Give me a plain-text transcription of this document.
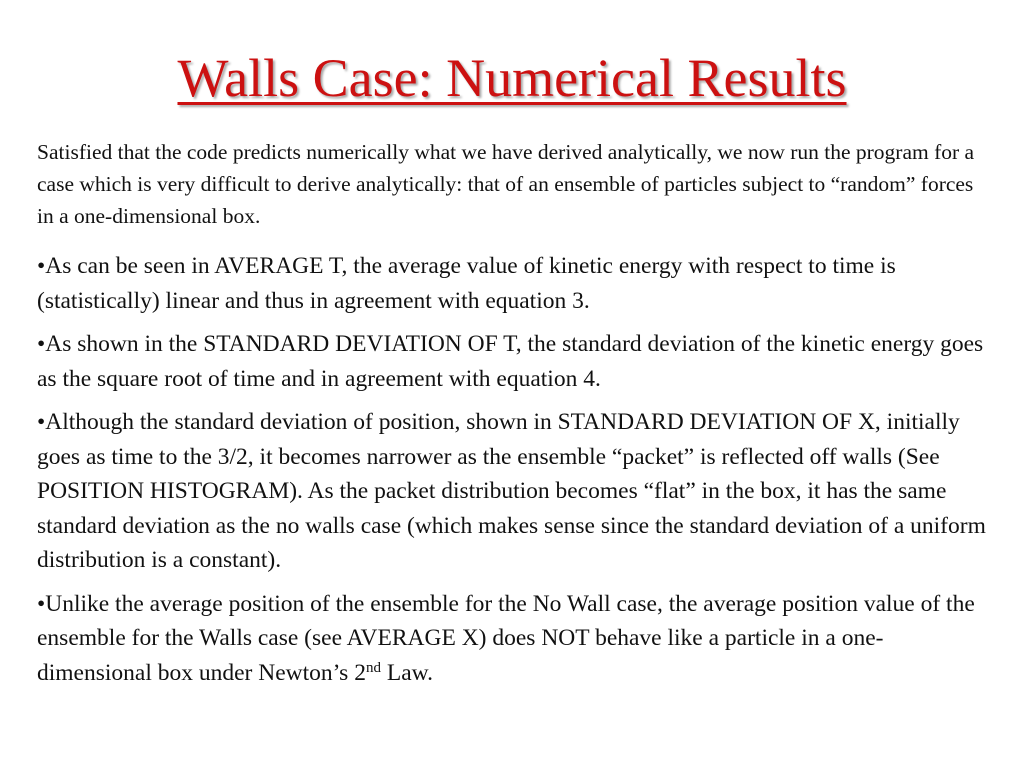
Walls Case: Numerical Results

Satisfied that the code predicts numerically what we have derived analytically, we now run the program for a case which is very difficult to derive analytically: that of an ensemble of particles subject to “random” forces in a one-dimensional box.

•As can be seen in AVERAGE T, the average value of kinetic energy with respect to time is (statistically) linear and thus in agreement with equation 3.
•As shown in the STANDARD DEVIATION OF T, the standard deviation of the kinetic energy goes as the square root of time and in agreement with equation 4.
•Although the standard deviation of position, shown in STANDARD DEVIATION OF X, initially goes as time to the 3/2, it becomes narrower as the ensemble “packet” is reflected off walls (See POSITION HISTOGRAM). As the packet distribution becomes “flat” in the box, it has the same standard deviation as the no walls case (which makes sense since the standard deviation of a uniform distribution is a constant).
•Unlike the average position of the ensemble for the No Wall case, the average position value of the ensemble for the Walls case (see AVERAGE X) does NOT behave like a particle in a one-dimensional box under Newton’s 2nd Law.
